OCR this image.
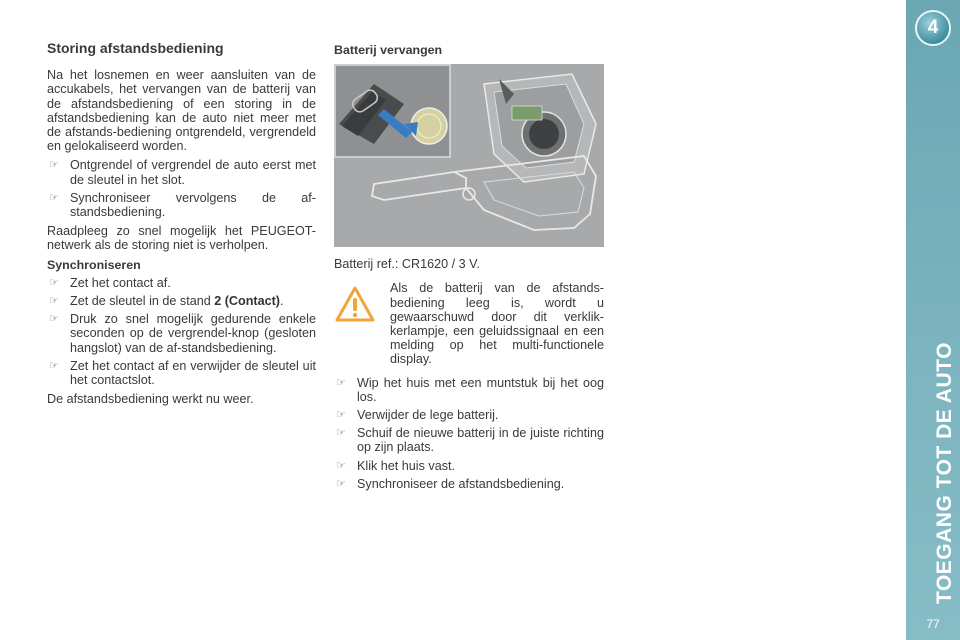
4
TOEGANG TOT DE AUTO
77
Storing afstandsbediening

Na het losnemen en weer aansluiten van de accukabels, het vervangen van de batterij van de afstandsbediening of een storing in de afstandsbediening kan de auto niet meer met de afstands-bediening ontgrendeld, vergrendeld en gelokaliseerd worden.

☞ Ontgrendel of vergrendel de auto eerst met de sleutel in het slot.
☞ Synchroniseer vervolgens de af-standsbediening.

Raadpleeg zo snel mogelijk het PEUGEOT-netwerk als de storing niet is verholpen.

Synchroniseren
☞ Zet het contact af.
☞ Zet de sleutel in de stand 2 (Contact).
☞ Druk zo snel mogelijk gedurende enkele seconden op de vergrendel-knop (gesloten hangslot) van de af-standsbediening.
☞ Zet het contact af en verwijder de sleutel uit het contactslot.

De afstandsbediening werkt nu weer.

Batterij vervangen

Batterij ref.: CR1620 / 3 V.

Als de batterij van de afstands-bediening leeg is, wordt u gewaarschuwd door dit verklik-kerlampje, een geluidssignaal en een melding op het multi-functionele display.

☞ Wip het huis met een muntstuk bij het oog los.
☞ Verwijder de lege batterij.
☞ Schuif de nieuwe batterij in de juiste richting op zijn plaats.
☞ Klik het huis vast.
☞ Synchroniseer de afstandsbediening.
